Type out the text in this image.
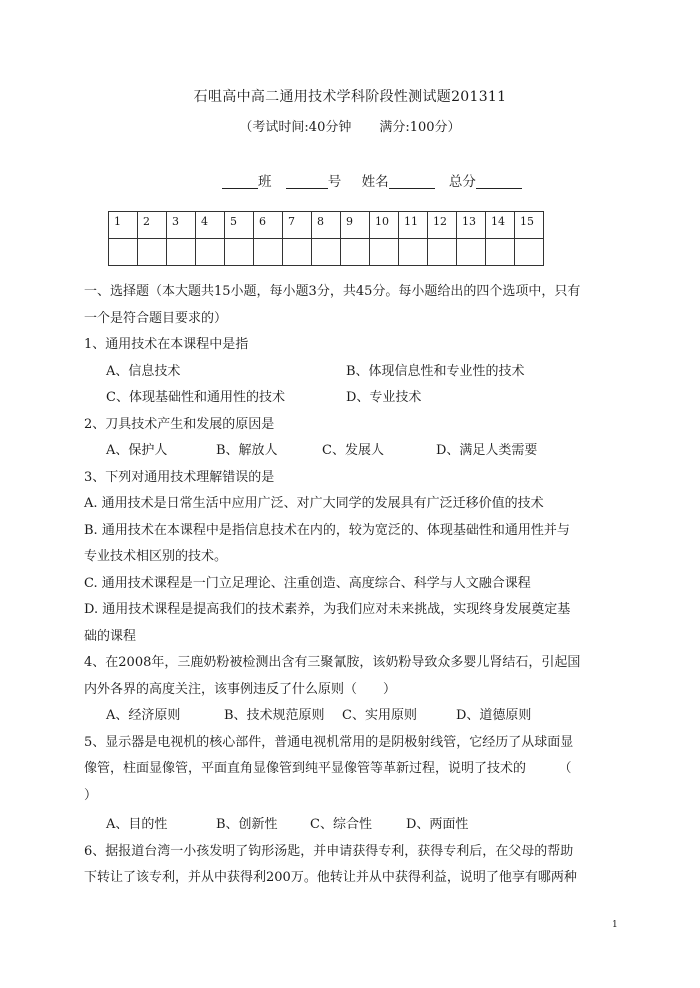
石咀高中高二通用技术学科阶段性测试题201311
（考试时间:40分钟 满分:100分）
班	号 姓名	总分
1	2	3	4	5	6	7	8	9	10	11	12	13	14	15

一、选择题（本大题共15小题，每小题3分，共45分。每小题给出的四个选项中，只有

一个是符合题目要求的）

1、通用技术在本课程中是指

A、信息技术	B、体现信息性和专业性的技术

C、体现基础性和通用性的技术	D、专业技术

2、刀具技术产生和发展的原因是

A、保护人	B、解放人	C、发展人	D、满足人类需要

3、下列对通用技术理解错误的是

A. 通用技术是日常生活中应用广泛、对广大同学的发展具有广泛迁移价值的技术

B. 通用技术在本课程中是指信息技术在内的，较为宽泛的、体现基础性和通用性并与

专业技术相区别的技术。

C. 通用技术课程是一门立足理论、注重创造、高度综合、科学与人文融合课程

D. 通用技术课程是提高我们的技术素养，为我们应对未来挑战，实现终身发展奠定基

础的课程

4、在2008年，三鹿奶粉被检测出含有三聚氰胺，该奶粉导致众多婴儿肾结石，引起国

内外各界的高度关注，该事例违反了什么原则（　　）

A、经济原则	B、技术规范原则 C、实用原则	D、道德原则

5、显示器是电视机的核心部件，普通电视机常用的是阴极射线管，它经历了从球面显

像管，柱面显像管，平面直角显像管到纯平显像管等革新过程，说明了技术的　　　（

）

A、目的性	B、创新性 C、综合性	D、两面性

6、据报道台湾一小孩发明了钩形汤匙，并申请获得专利，获得专利后，在父母的帮助

下转让了该专利，并从中获得利200万。他转让并从中获得利益，说明了他享有哪两种

1
